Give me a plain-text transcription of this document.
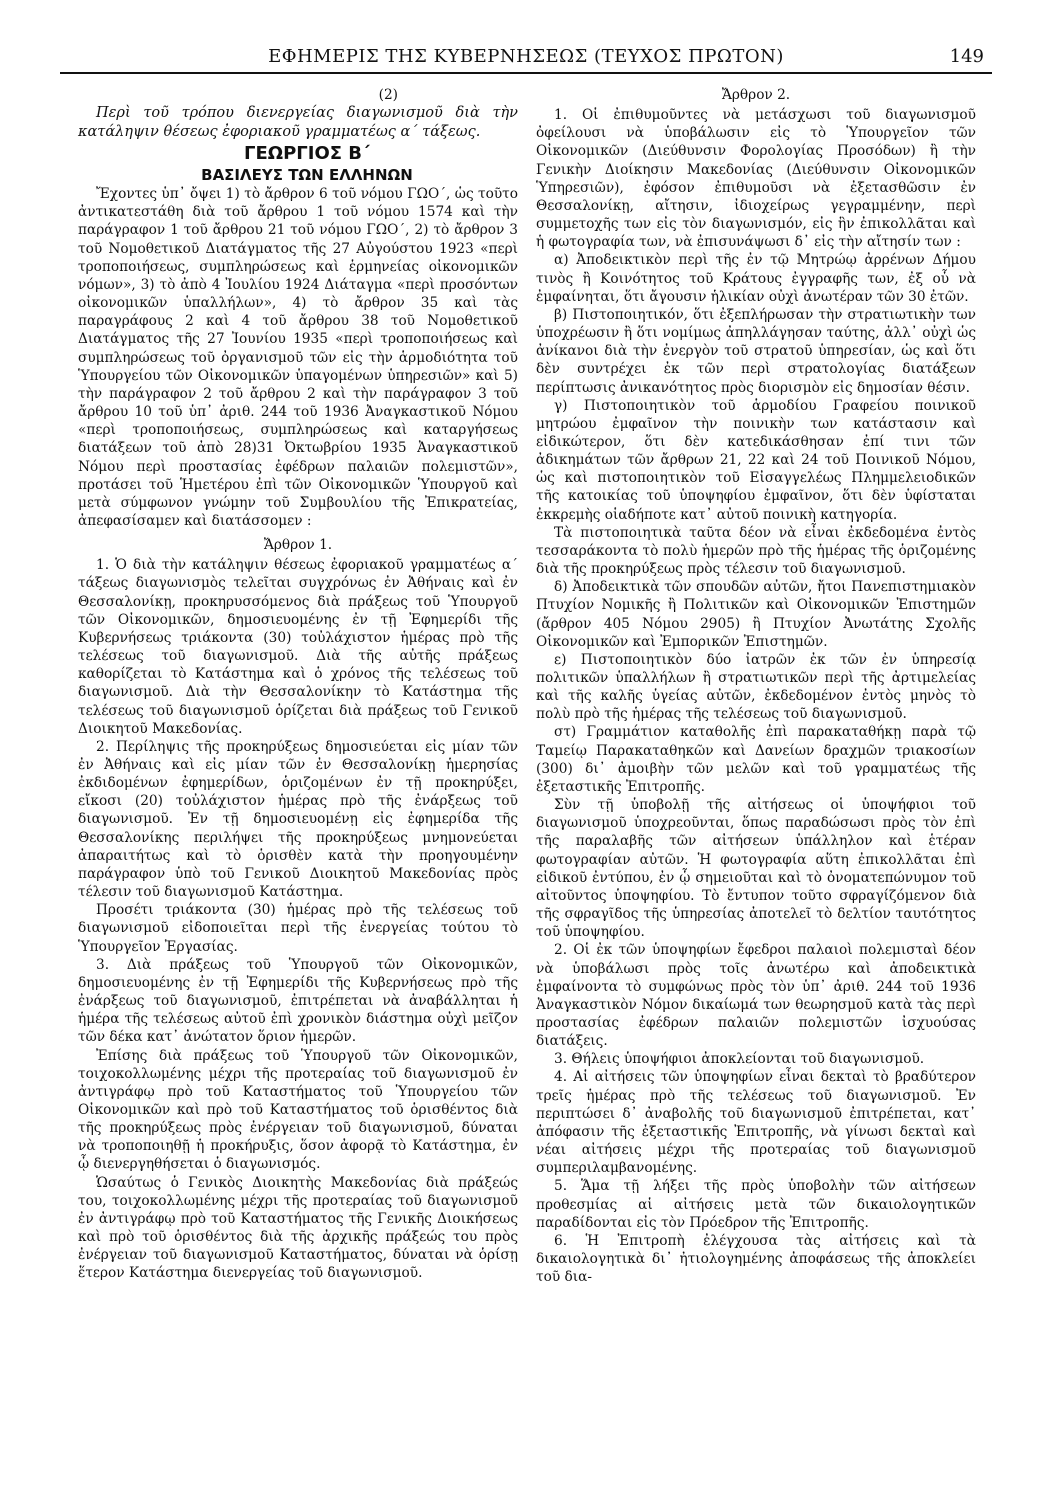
ΕΦΗΜΕΡΙΣ ΤΗΣ ΚΥΒΕΡΝΗΣΕΩΣ (ΤΕΥΧΟΣ ΠΡΩΤΟΝ)	149

(2)

Περὶ τοῦ τρόπου διενεργείας διαγωνισμοῦ διὰ τὴν κατάληψιν θέσεως ἐφοριακοῦ γραμματέως α΄ τάξεως.

ΓΕΩΡΓΙΟΣ Β΄

ΒΑΣΙΛΕΥΣ ΤΩΝ ΕΛΛΗΝΩΝ

Ἔχοντες ὑπ᾿ ὄψει 1) τὸ ἄρθρον 6 τοῦ νόμου ΓΩΟ΄, ὡς τοῦτο ἀντικατεστάθη διὰ τοῦ ἄρθρου 1 τοῦ νόμου 1574 καὶ τὴν παράγραφον 1 τοῦ ἄρθρου 21 τοῦ νόμου ΓΩΟ΄, 2) τὸ ἄρθρον 3 τοῦ Νομοθετικοῦ Διατάγματος τῆς 27 Αὐγούστου 1923 «περὶ τροποποιήσεως, συμπληρώσεως καὶ ἑρμηνείας οἰκονομικῶν νόμων», 3) τὸ ἀπὸ 4 Ἰουλίου 1924 Διάταγμα «περὶ προσόντων οἰκονομικῶν ὑπαλλήλων», 4) τὸ ἄρθρον 35 καὶ τὰς παραγράφους 2 καὶ 4 τοῦ ἄρθρου 38 τοῦ Νομοθετικοῦ Διατάγματος τῆς 27 Ἰουνίου 1935 «περὶ τροποποιήσεως καὶ συμπληρώσεως τοῦ ὀργανισμοῦ τῶν εἰς τὴν ἁρμοδιότητα τοῦ Ὑπουργείου τῶν Οἰκονομικῶν ὑπαγομένων ὑπηρεσιῶν» καὶ 5) τὴν παράγραφον 2 τοῦ ἄρθρου 2 καὶ τὴν παράγραφον 3 τοῦ ἄρθρου 10 τοῦ ὑπ᾿ ἀριθ. 244 τοῦ 1936 Ἀναγκαστικοῦ Νόμου «περὶ τροποποιήσεως, συμπληρώσεως καὶ καταργήσεως διατάξεων τοῦ ἀπὸ 28)31 Ὀκτωβρίου 1935 Ἀναγκαστικοῦ Νόμου περὶ προστασίας ἐφέδρων παλαιῶν πολεμιστῶν», προτάσει τοῦ Ἡμετέρου ἐπὶ τῶν Οἰκονομικῶν Ὑπουργοῦ καὶ μετὰ σύμφωνον γνώμην τοῦ Συμβουλίου τῆς Ἐπικρατείας, ἀπεφασίσαμεν καὶ διατάσσομεν :

Ἄρθρον 1.

1. Ὁ διὰ τὴν κατάληψιν θέσεως ἐφοριακοῦ γραμματέως α΄ τάξεως διαγωνισμὸς τελεῖται συγχρόνως ἐν Ἀθήναις καὶ ἐν Θεσσαλονίκῃ, προκηρυσσόμενος διὰ πράξεως τοῦ Ὑπουργοῦ τῶν Οἰκονομικῶν, δημοσιευομένης ἐν τῇ Ἐφημερίδι τῆς Κυβερνήσεως τριάκοντα (30) τοὐλάχιστον ἡμέρας πρὸ τῆς τελέσεως τοῦ διαγωνισμοῦ. Διὰ τῆς αὐτῆς πράξεως καθορίζεται τὸ Κατάστημα καὶ ὁ χρόνος τῆς τελέσεως τοῦ διαγωνισμοῦ. Διὰ τὴν Θεσσαλονίκην τὸ Κατάστημα τῆς τελέσεως τοῦ διαγωνισμοῦ ὁρίζεται διὰ πράξεως τοῦ Γενικοῦ Διοικητοῦ Μακεδονίας.

2. Περίληψις τῆς προκηρύξεως δημοσιεύεται εἰς μίαν τῶν ἐν Ἀθήναις καὶ εἰς μίαν τῶν ἐν Θεσσαλονίκῃ ἡμερησίας ἐκδιδομένων ἐφημερίδων, ὁριζομένων ἐν τῇ προκηρύξει, εἴκοσι (20) τοὐλάχιστον ἡμέρας πρὸ τῆς ἐνάρξεως τοῦ διαγωνισμοῦ. Ἐν τῇ δημοσιευομένῃ εἰς ἐφημερίδα τῆς Θεσσαλονίκης περιλήψει τῆς προκηρύξεως μνημονεύεται ἀπαραιτήτως καὶ τὸ ὁρισθὲν κατὰ τὴν προηγουμένην παράγραφον ὑπὸ τοῦ Γενικοῦ Διοικητοῦ Μακεδονίας πρὸς τέλεσιν τοῦ διαγωνισμοῦ Κατάστημα.

Προσέτι τριάκοντα (30) ἡμέρας πρὸ τῆς τελέσεως τοῦ διαγωνισμοῦ εἰδοποιεῖται περὶ τῆς ἐνεργείας τούτου τὸ Ὑπουργεῖον Ἐργασίας.

3. Διὰ πράξεως τοῦ Ὑπουργοῦ τῶν Οἰκονομικῶν, δημοσιευομένης ἐν τῇ Ἐφημερίδι τῆς Κυβερνήσεως πρὸ τῆς ἐνάρξεως τοῦ διαγωνισμοῦ, ἐπιτρέπεται νὰ ἀναβάλληται ἡ ἡμέρα τῆς τελέσεως αὐτοῦ ἐπὶ χρονικὸν διάστημα οὐχὶ μεῖζον τῶν δέκα κατ᾿ ἀνώτατον ὅριον ἡμερῶν.

Ἐπίσης διὰ πράξεως τοῦ Ὑπουργοῦ τῶν Οἰκονομικῶν, τοιχοκολλωμένης μέχρι τῆς προτεραίας τοῦ διαγωνισμοῦ ἐν ἀντιγράφῳ πρὸ τοῦ Καταστήματος τοῦ Ὑπουργείου τῶν Οἰκονομικῶν καὶ πρὸ τοῦ Καταστήματος τοῦ ὁρισθέντος διὰ τῆς προκηρύξεως πρὸς ἐνέργειαν τοῦ διαγωνισμοῦ, δύναται νὰ τροποποιηθῇ ἡ προκήρυξις, ὅσον ἀφορᾷ τὸ Κατάστημα, ἐν ᾧ διενεργηθήσεται ὁ διαγωνισμός.

Ὡσαύτως ὁ Γενικὸς Διοικητὴς Μακεδονίας διὰ πράξεώς του, τοιχοκολλωμένης μέχρι τῆς προτεραίας τοῦ διαγωνισμοῦ ἐν ἀντιγράφῳ πρὸ τοῦ Καταστήματος τῆς Γενικῆς Διοικήσεως καὶ πρὸ τοῦ ὁρισθέντος διὰ τῆς ἀρχικῆς πράξεώς του πρὸς ἐνέργειαν τοῦ διαγωνισμοῦ Καταστήματος, δύναται νὰ ὁρίσῃ ἕτερον Κατάστημα διενεργείας τοῦ διαγωνισμοῦ.

Ἄρθρον 2.

1. Οἱ ἐπιθυμοῦντες νὰ μετάσχωσι τοῦ διαγωνισμοῦ ὀφείλουσι νὰ ὑποβάλωσιν εἰς τὸ Ὑπουργεῖον τῶν Οἰκονομικῶν (Διεύθυνσιν Φορολογίας Προσόδων) ἢ τὴν Γενικὴν Διοίκησιν Μακεδονίας (Διεύθυνσιν Οἰκονομικῶν Ὑπηρεσιῶν), ἐφόσον ἐπιθυμοῦσι νὰ ἐξετασθῶσιν ἐν Θεσσαλονίκῃ, αἴτησιν, ἰδιοχείρως γεγραμμένην, περὶ συμμετοχῆς των εἰς τὸν διαγωνισμόν, εἰς ἣν ἐπικολλᾶται καὶ ἡ φωτογραφία των, νὰ ἐπισυνάψωσι δ᾿ εἰς τὴν αἴτησίν των :

α) Ἀποδεικτικὸν περὶ τῆς ἐν τῷ Μητρώῳ ἀρρένων Δήμου τινὸς ἢ Κοινότητος τοῦ Κράτους ἐγγραφῆς των, ἐξ οὗ νὰ ἐμφαίνηται, ὅτι ἄγουσιν ἡλικίαν οὐχὶ ἀνωτέραν τῶν 30 ἐτῶν.

β) Πιστοποιητικόν, ὅτι ἐξεπλήρωσαν τὴν στρατιωτικὴν των ὑποχρέωσιν ἢ ὅτι νομίμως ἀπηλλάγησαν ταύτης, ἀλλ᾿ οὐχὶ ὡς ἀνίκανοι διὰ τὴν ἐνεργὸν τοῦ στρατοῦ ὑπηρεσίαν, ὡς καὶ ὅτι δὲν συντρέχει ἐκ τῶν περὶ στρατολογίας διατάξεων περίπτωσις ἀνικανότητος πρὸς διορισμὸν εἰς δημοσίαν θέσιν.

γ) Πιστοποιητικὸν τοῦ ἁρμοδίου Γραφείου ποινικοῦ μητρώου ἐμφαῖνον τὴν ποινικὴν των κατάστασιν καὶ εἰδικώτερον, ὅτι δὲν κατεδικάσθησαν ἐπί τινι τῶν ἀδικημάτων τῶν ἄρθρων 21, 22 καὶ 24 τοῦ Ποινικοῦ Νόμου, ὡς καὶ πιστοποιητικὸν τοῦ Εἰσαγγελέως Πλημμελειοδικῶν τῆς κατοικίας τοῦ ὑποψηφίου ἐμφαῖνον, ὅτι δὲν ὑφίσταται ἐκκρεμὴς οἱαδήποτε κατ᾿ αὐτοῦ ποινικὴ κατηγορία.

Τὰ πιστοποιητικὰ ταῦτα δέον νὰ εἶναι ἐκδεδομένα ἐντὸς τεσσαράκοντα τὸ πολὺ ἡμερῶν πρὸ τῆς ἡμέρας τῆς ὁριζομένης διὰ τῆς προκηρύξεως πρὸς τέλεσιν τοῦ διαγωνισμοῦ.

δ) Ἀποδεικτικὰ τῶν σπουδῶν αὐτῶν, ἤτοι Πανεπιστημιακὸν Πτυχίον Νομικῆς ἢ Πολιτικῶν καὶ Οἰκονομικῶν Ἐπιστημῶν (ἄρθρον 405 Νόμου 2905) ἢ Πτυχίον Ἀνωτάτης Σχολῆς Οἰκονομικῶν καὶ Ἐμπορικῶν Ἐπιστημῶν.

ε) Πιστοποιητικὸν δύο ἰατρῶν ἐκ τῶν ἐν ὑπηρεσίᾳ πολιτικῶν ὑπαλλήλων ἢ στρατιωτικῶν περὶ τῆς ἀρτιμελείας καὶ τῆς καλῆς ὑγείας αὐτῶν, ἐκδεδομένον ἐντὸς μηνὸς τὸ πολὺ πρὸ τῆς ἡμέρας τῆς τελέσεως τοῦ διαγωνισμοῦ.

στ) Γραμμάτιον καταθολῆς ἐπὶ παρακαταθήκῃ παρὰ τῷ Ταμείῳ Παρακαταθηκῶν καὶ Δανείων δραχμῶν τριακοσίων (300) δι᾿ ἀμοιβὴν τῶν μελῶν καὶ τοῦ γραμματέως τῆς ἐξεταστικῆς Ἐπιτροπῆς.

Σὺν τῇ ὑποβολῇ τῆς αἰτήσεως οἱ ὑποψήφιοι τοῦ διαγωνισμοῦ ὑποχρεοῦνται, ὅπως παραδώσωσι πρὸς τὸν ἐπὶ τῆς παραλαβῆς τῶν αἰτήσεων ὑπάλληλον καὶ ἑτέραν φωτογραφίαν αὐτῶν. Ἡ φωτογραφία αὕτη ἐπικολλᾶται ἐπὶ εἰδικοῦ ἐντύπου, ἐν ᾧ σημειοῦται καὶ τὸ ὀνοματεπώνυμον τοῦ αἰτοῦντος ὑποψηφίου. Τὸ ἔντυπον τοῦτο σφραγίζόμενον διὰ τῆς σφραγῖδος τῆς ὑπηρεσίας ἀποτελεῖ τὸ δελτίον ταυτότητος τοῦ ὑποψηφίου.

2. Οἱ ἐκ τῶν ὑποψηφίων ἔφεδροι παλαιοὶ πολεμισταὶ δέον νὰ ὑποβάλωσι πρὸς τοῖς ἀνωτέρω καὶ ἀποδεικτικὰ ἐμφαίνοντα τὸ συμφώνως πρὸς τὸν ὑπ᾿ ἀριθ. 244 τοῦ 1936 Ἀναγκαστικὸν Νόμον δικαίωμά των θεωρησμοῦ κατὰ τὰς περὶ προστασίας ἐφέδρων παλαιῶν πολεμιστῶν ἰσχυούσας διατάξεις.

3. Θήλεις ὑποψήφιοι ἀποκλείονται τοῦ διαγωνισμοῦ.

4. Αἱ αἰτήσεις τῶν ὑποψηφίων εἶναι δεκταὶ τὸ βραδύτερον τρεῖς ἡμέρας πρὸ τῆς τελέσεως τοῦ διαγωνισμοῦ. Ἐν περιπτώσει δ᾿ ἀναβολῆς τοῦ διαγωνισμοῦ ἐπιτρέπεται, κατ᾿ ἀπόφασιν τῆς ἐξεταστικῆς Ἐπιτροπῆς, νὰ γίνωσι δεκταὶ καὶ νέαι αἰτήσεις μέχρι τῆς προτεραίας τοῦ διαγωνισμοῦ συμπεριλαμβανομένης.

5. Ἅμα τῇ λήξει τῆς πρὸς ὑποβολὴν τῶν αἰτήσεων προθεσμίας αἱ αἰτήσεις μετὰ τῶν δικαιολογητικῶν παραδίδονται εἰς τὸν Πρόεδρον τῆς Ἐπιτροπῆς.

6. Ἡ Ἐπιτροπὴ ἐλέγχουσα τὰς αἰτήσεις καὶ τὰ δικαιολογητικὰ δι᾿ ἠτιολογημένης ἀποφάσεως τῆς ἀποκλείει τοῦ δια-
